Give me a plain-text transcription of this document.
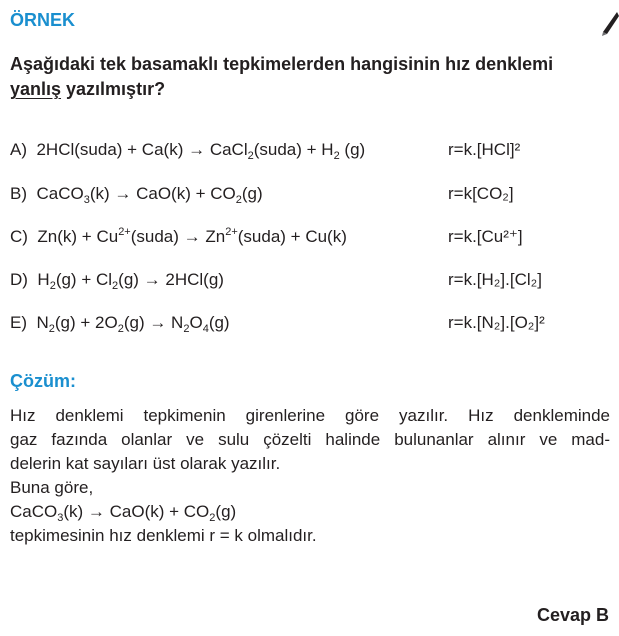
ÖRNEK
Aşağıdaki tek basamaklı tepkimelerden hangisinin hız denklemi
yanlış yazılmıştır?
A)  2HCl(suda) + Ca(k) → CaCl$_2$(suda) + $H_2$ (g)	r=k.[HCl]²
B)  CaCO$_3$(k) → $CaO(k) + CO_2(g)$	r=k[CO₂]
C)  $Zn(k) + Cu^{2+}(suda)$ → $Zn^{2+}(suda) + Cu(k)$	r=k.[Cu²⁺]
D)  $H_2(g) + Cl_2(g) \to 2HCl(g)$	r=k.[H₂].[Cl₂]
E)  $N_2(g) + 2O_2(g) \to N_2O_4(g)$	r=k.[N₂].[O₂]²
Çözüm:
Hız denklemi tepkimenin girenlerine göre yazılır. Hız denkleminde
gaz fazında olanlar ve sulu çözelti halinde bulunanlar alınır ve mad-
delerin kat sayıları üst olarak yazılır.
Buna göre,
CaCO$_3$(k) → $CaO(k) + CO_2(g)$
tepkimesinin hız denklemi r = k olmalıdır.
Cevap B
